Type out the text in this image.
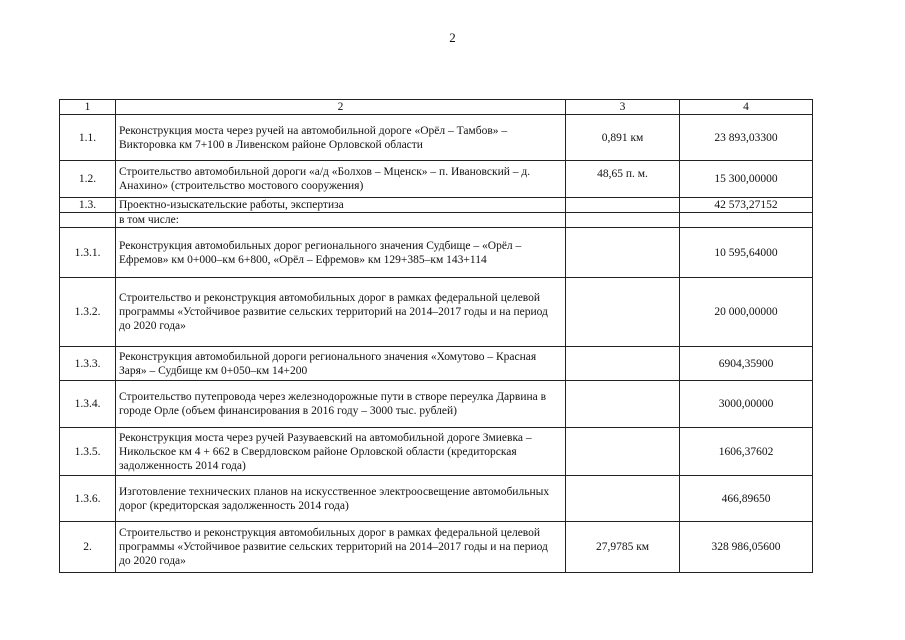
2
1	2	3	4
1.1.	Реконструкция моста через ручей на автомобильной дороге «Орёл – Тамбов» – Викторовка км 7+100 в Ливенском районе Орловской области	0,891 км	23 893,03300
1.2.	Строительство автомобильной дороги «а/д «Болхов – Мценск» – п. Ивановский – д. Анахино» (строительство мостового сооружения)	48,65 п. м.	15 300,00000
1.3.	Проектно-изыскательские работы, экспертиза		42 573,27152
	в том числе:		
1.3.1.	Реконструкция автомобильных дорог регионального значения Судбище – «Орёл – Ефремов» км 0+000–км 6+800, «Орёл – Ефремов» км 129+385–км 143+114		10 595,64000
1.3.2.	Строительство и реконструкция автомобильных дорог в рамках федеральной целевой программы «Устойчивое развитие сельских территорий на 2014–2017 годы и на период до 2020 года»		20 000,00000
1.3.3.	Реконструкция автомобильной дороги регионального значения «Хомутово – Красная Заря» – Судбище км 0+050–км 14+200		6904,35900
1.3.4.	Строительство путепровода через железнодорожные пути в створе переулка Дарвина в городе Орле (объем финансирования в 2016 году – 3000 тыс. рублей)		3000,00000
1.3.5.	Реконструкция моста через ручей Разуваевский на автомобильной дороге Змиевка – Никольское км 4 + 662 в Свердловском районе Орловской области (кредиторская задолженность 2014 года)		1606,37602
1.3.6.	Изготовление технических планов на искусственное электроосвещение автомобильных дорог (кредиторская задолженность 2014 года)		466,89650
2.	Строительство и реконструкция автомобильных дорог в рамках федеральной целевой программы «Устойчивое развитие сельских территорий на 2014–2017 годы и на период до 2020 года»	27,9785 км	328 986,05600
